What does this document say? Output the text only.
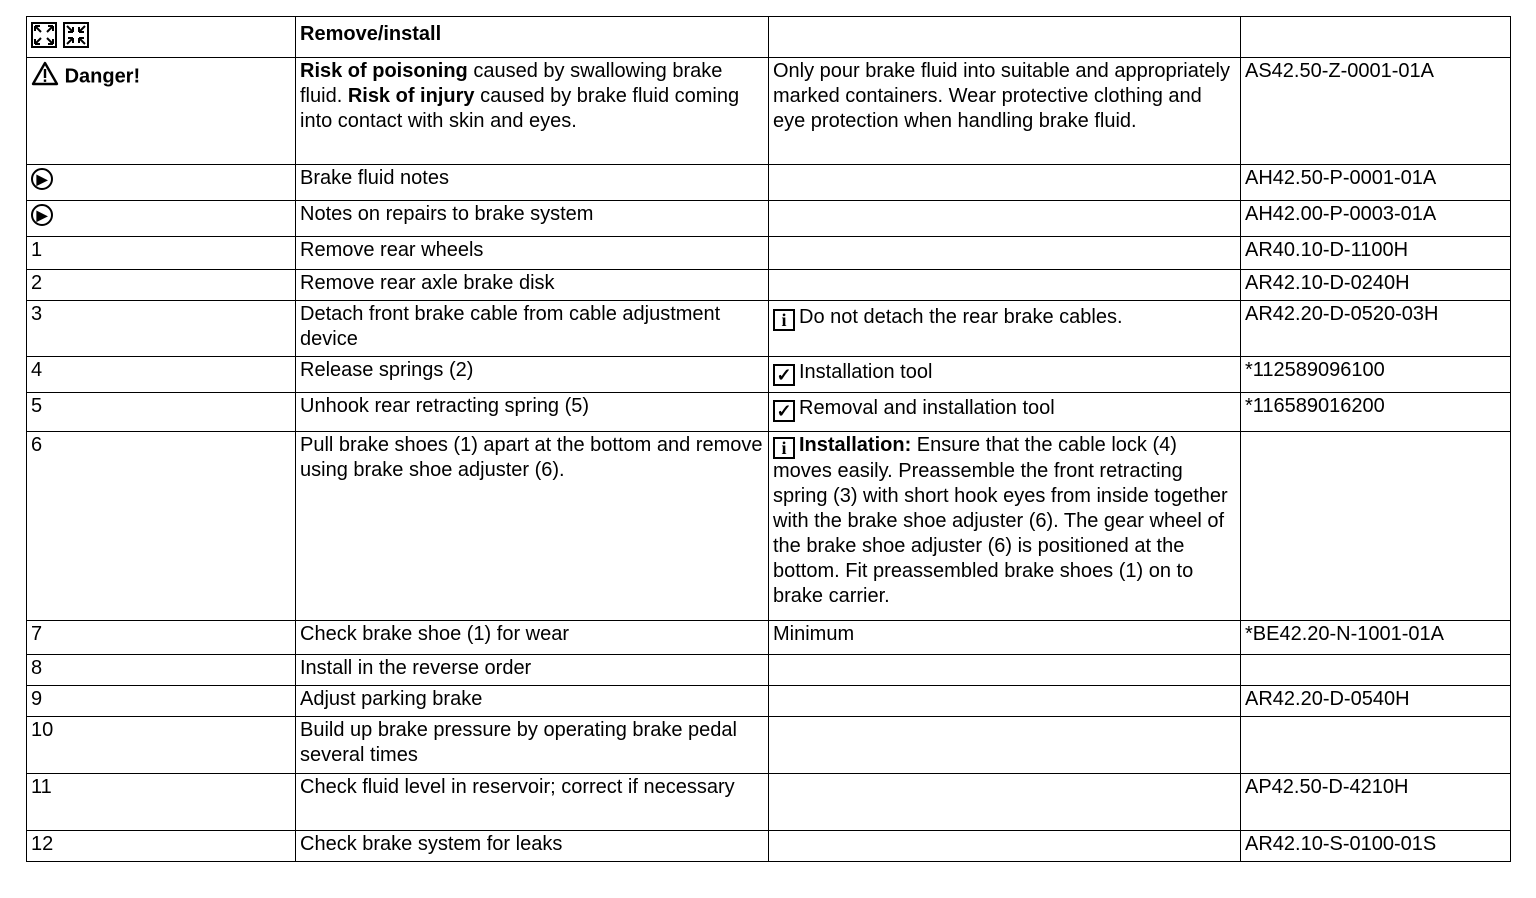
	Remove/install		
Danger!	Risk of poisoning caused by swallowing brake fluid. Risk of injury caused by brake fluid coming into contact with skin and eyes.	Only pour brake fluid into suitable and appropriately marked containers. Wear protective clothing and eye protection when handling brake fluid.	AS42.50-Z-0001-01A
▶	Brake fluid notes		AH42.50-P-0001-01A
▶	Notes on repairs to brake system		AH42.00-P-0003-01A
1	Remove rear wheels		AR40.10-D-1100H
2	Remove rear axle brake disk		AR42.10-D-0240H
3	Detach front brake cable from cable adjustment device	i Do not detach the rear brake cables.	AR42.20-D-0520-03H
4	Release springs (2)	✓ Installation tool	*112589096100
5	Unhook rear retracting spring (5)	✓ Removal and installation tool	*116589016200
6	Pull brake shoes (1) apart at the bottom and remove using brake shoe adjuster (6).	i Installation: Ensure that the cable lock (4) moves easily. Preassemble the front retracting spring (3) with short hook eyes from inside together with the brake shoe adjuster (6). The gear wheel of the brake shoe adjuster (6) is positioned at the bottom. Fit preassembled brake shoes (1) on to brake carrier.	
7	Check brake shoe (1) for wear	Minimum	*BE42.20-N-1001-01A
8	Install in the reverse order		
9	Adjust parking brake		AR42.20-D-0540H
10	Build up brake pressure by operating brake pedal several times		
11	Check fluid level in reservoir; correct if necessary		AP42.50-D-4210H
12	Check brake system for leaks		AR42.10-S-0100-01S
